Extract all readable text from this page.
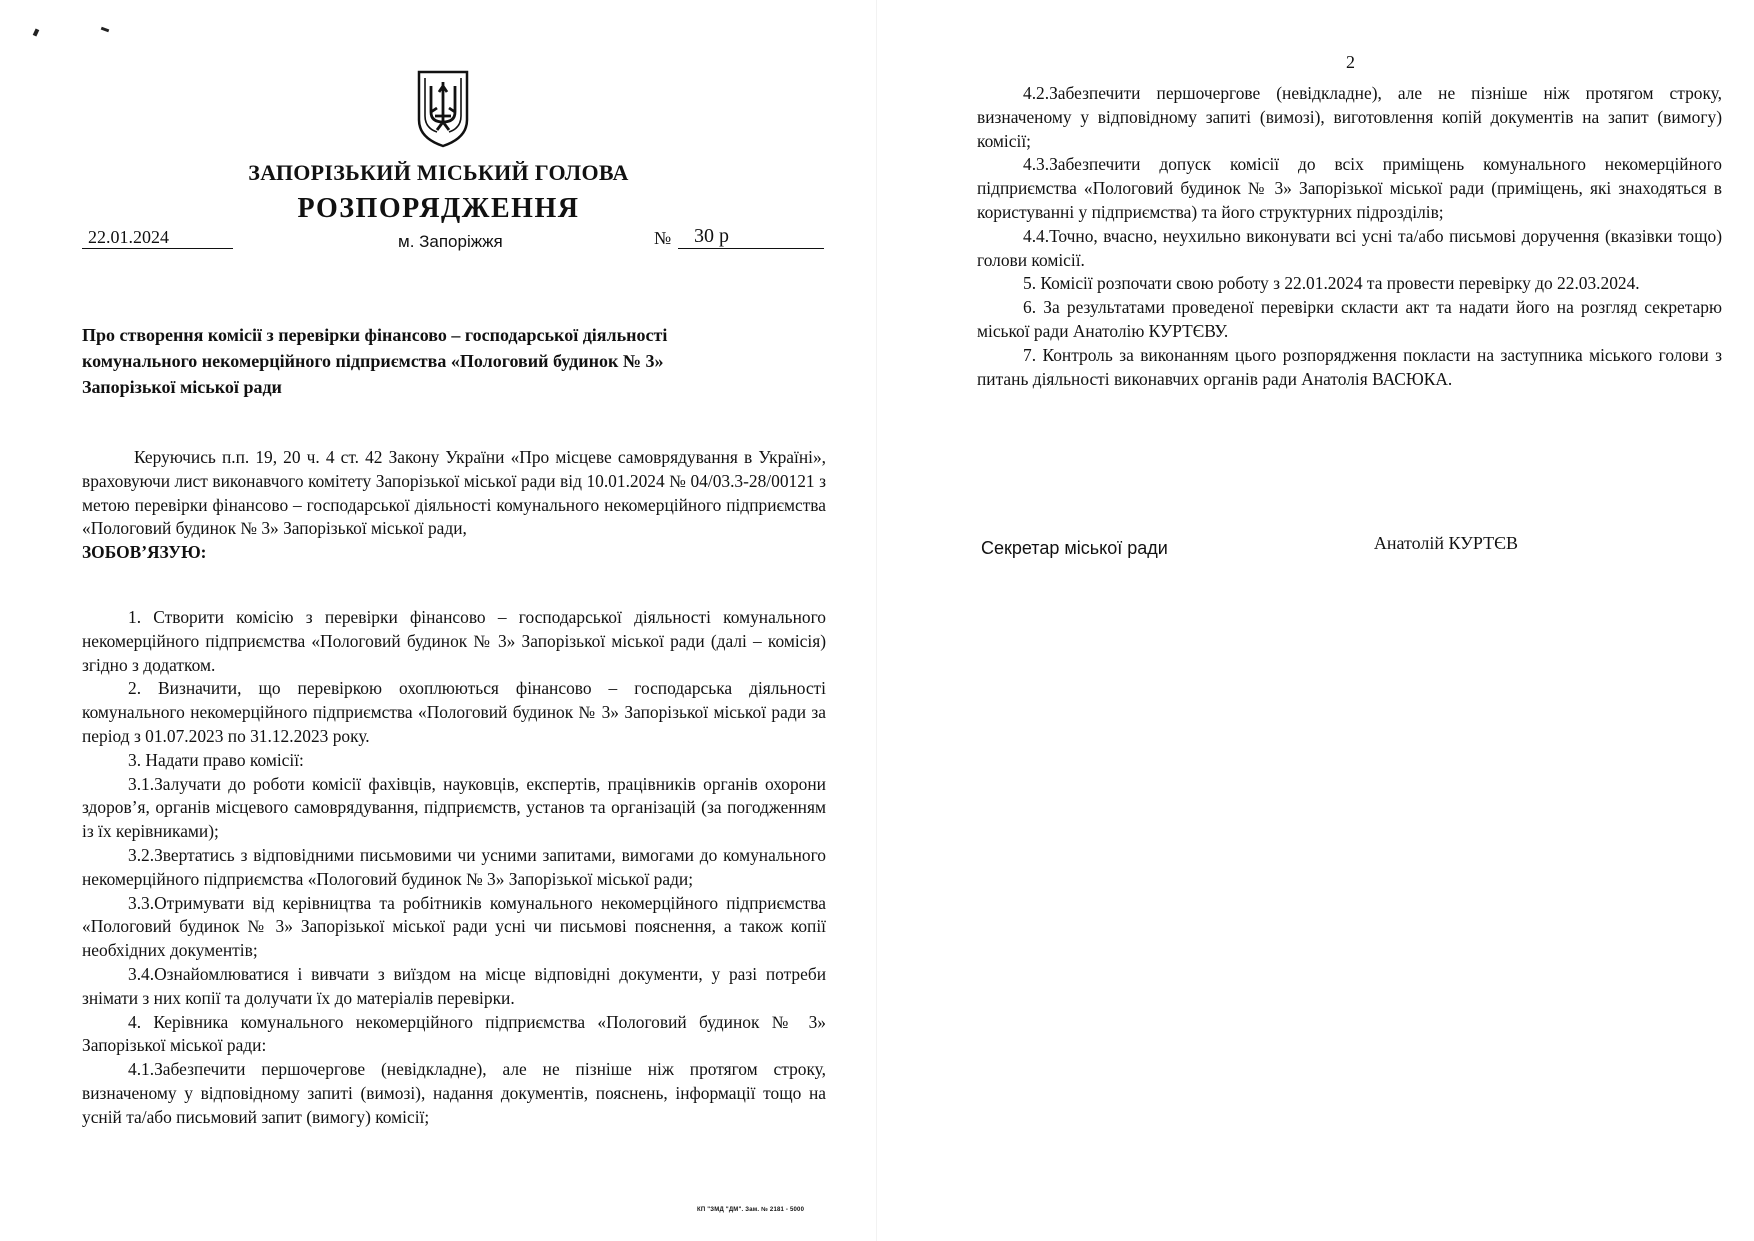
ЗАПОРІЗЬКИЙ МІСЬКИЙ ГОЛОВА
РОЗПОРЯДЖЕННЯ
22.01.2024	м. Запоріжжя	№	30 р
Про створення комісії з перевірки фінансово – господарської діяльності
комунального некомерційного підприємства «Пологовий будинок № 3»
Запорізької міської ради

Керуючись п.п. 19, 20 ч. 4 ст. 42 Закону України «Про місцеве самоврядування в Україні», враховуючи лист виконавчого комітету Запорізької міської ради від 10.01.2024 № 04/03.3-28/00121 з метою перевірки фінансово – господарської діяльності комунального некомерційного підприємства «Пологовий будинок № 3» Запорізької міської ради,

ЗОБОВ’ЯЗУЮ:

1. Створити комісію з перевірки фінансово – господарської діяльності комунального некомерційного підприємства «Пологовий будинок № 3» Запорізької міської ради (далі – комісія) згідно з додатком.

2. Визначити, що перевіркою охоплюються фінансово – господарська діяльності комунального некомерційного підприємства «Пологовий будинок № 3» Запорізької міської ради за період з 01.07.2023 по 31.12.2023 року.

3. Надати право комісії:

3.1.Залучати до роботи комісії фахівців, науковців, експертів, працівників органів охорони здоров’я, органів місцевого самоврядування, підприємств, установ та організацій (за погодженням із їх керівниками);

3.2.Звертатись з відповідними письмовими чи усними запитами, вимогами до комунального некомерційного підприємства «Пологовий будинок № 3» Запорізької міської ради;

3.3.Отримувати від керівництва та робітників комунального некомерційного підприємства «Пологовий будинок № 3» Запорізької міської ради усні чи письмові пояснення, а також копії необхідних документів;

3.4.Ознайомлюватися і вивчати з виїздом на місце відповідні документи, у разі потреби знімати з них копії та долучати їх до матеріалів перевірки.

4. Керівника комунального некомерційного підприємства «Пологовий будинок № 3» Запорізької міської ради:

4.1.Забезпечити першочергове (невідкладне), але не пізніше ніж протягом строку, визначеному у відповідному запиті (вимозі), надання документів, пояснень, інформації тощо на усній та/або письмовий запит (вимогу) комісії;

КП "ЗМД "ДМ". Зам. № 2181 - 5000
2

4.2.Забезпечити першочергове (невідкладне), але не пізніше ніж протягом строку, визначеному у відповідному запиті (вимозі), виготовлення копій документів на запит (вимогу) комісії;

4.3.Забезпечити допуск комісії до всіх приміщень комунального некомерційного підприємства «Пологовий будинок № 3» Запорізької міської ради (приміщень, які знаходяться в користуванні у підприємства) та його структурних підрозділів;

4.4.Точно, вчасно, неухильно виконувати всі усні та/або письмові доручення (вказівки тощо) голови комісії.

5. Комісії розпочати свою роботу з 22.01.2024 та провести перевірку до 22.03.2024.

6. За результатами проведеної перевірки скласти акт та надати його на розгляд секретарю міської ради Анатолію КУРТЄВУ.

7. Контроль за виконанням цього розпорядження покласти на заступника міського голови з питань діяльності виконавчих органів ради Анатолія ВАСЮКА.

Секретар міської ради	Анатолій КУРТЄВ
